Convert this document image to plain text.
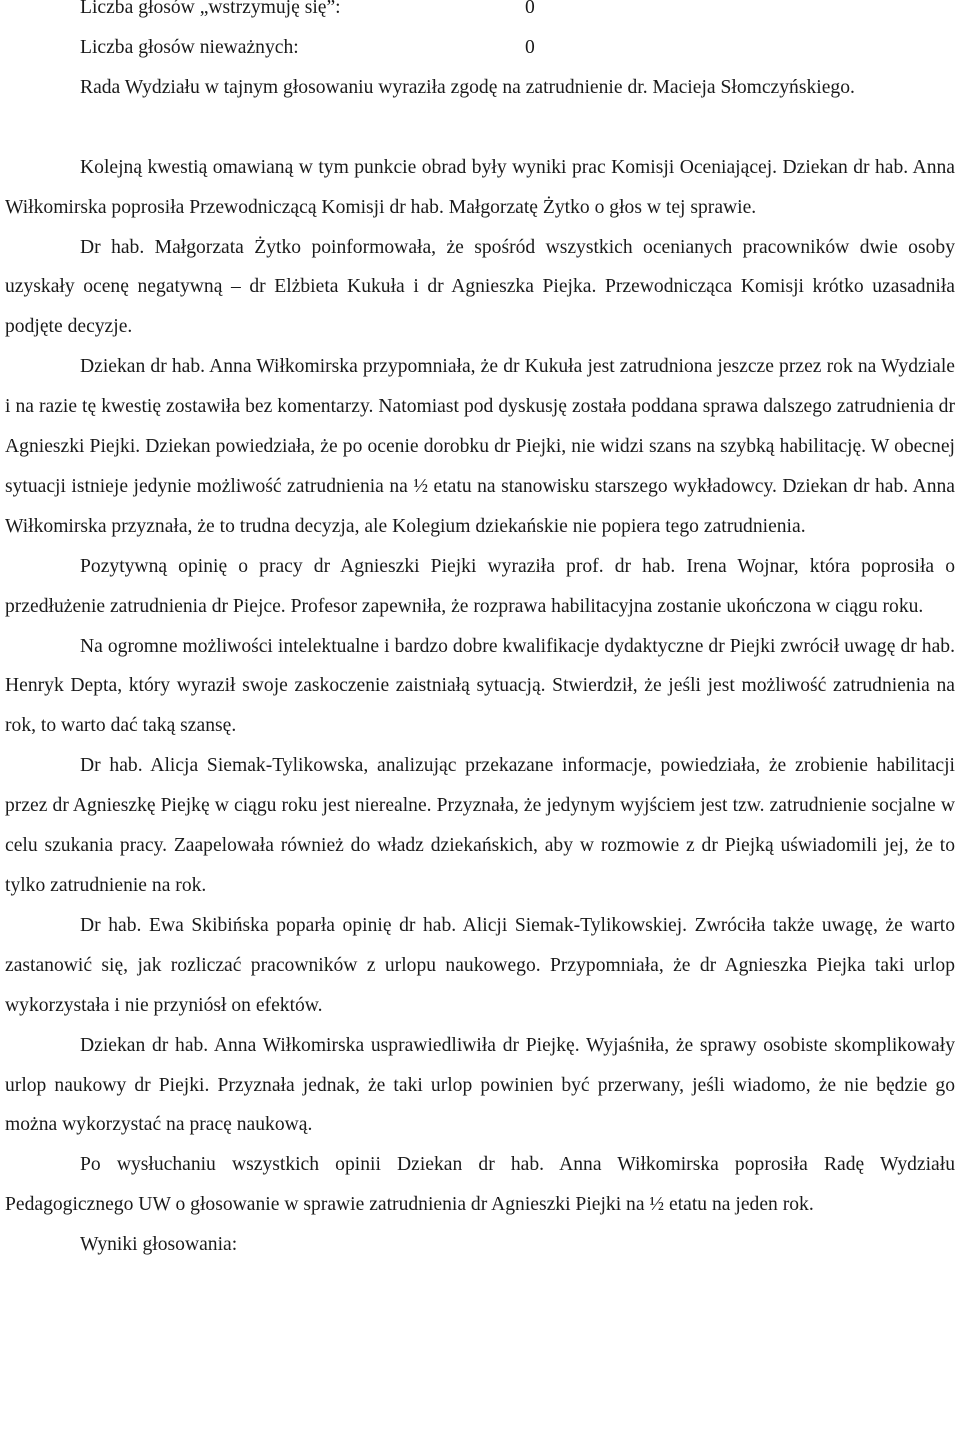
Liczba głosów „wstrzymuję się”:	0
Liczba głosów nieważnych:	0

Rada Wydziału w tajnym głosowaniu wyraziła zgodę na zatrudnienie dr. Macieja Słomczyńskiego.

Kolejną kwestią omawianą w tym punkcie obrad były wyniki prac Komisji Oceniającej. Dziekan dr hab. Anna Wiłkomirska poprosiła Przewodniczącą Komisji dr hab. Małgorzatę Żytko o głos w tej sprawie.

Dr hab. Małgorzata Żytko poinformowała, że spośród wszystkich ocenianych pracowników dwie osoby uzyskały ocenę negatywną – dr Elżbieta Kukuła i dr Agnieszka Piejka. Przewodnicząca Komisji krótko uzasadniła podjęte decyzje.

Dziekan dr hab. Anna Wiłkomirska przypomniała, że dr Kukuła jest zatrudniona jeszcze przez rok na Wydziale i na razie tę kwestię zostawiła bez komentarzy. Natomiast pod dyskusję została poddana sprawa dalszego zatrudnienia dr Agnieszki Piejki. Dziekan powiedziała, że po ocenie dorobku dr Piejki, nie widzi szans na szybką habilitację. W obecnej sytuacji istnieje jedynie możliwość zatrudnienia na ½ etatu na stanowisku starszego wykładowcy. Dziekan dr hab. Anna Wiłkomirska przyznała, że to trudna decyzja, ale Kolegium dziekańskie nie popiera tego zatrudnienia.

Pozytywną opinię o pracy dr Agnieszki Piejki wyraziła prof. dr hab. Irena Wojnar, która poprosiła o przedłużenie zatrudnienia dr Piejce. Profesor zapewniła, że rozprawa habilitacyjna zostanie ukończona w ciągu roku.

Na ogromne możliwości intelektualne i bardzo dobre kwalifikacje dydaktyczne dr Piejki zwrócił uwagę dr hab. Henryk Depta, który wyraził swoje zaskoczenie zaistniałą sytuacją. Stwierdził, że jeśli jest możliwość zatrudnienia na rok, to warto dać taką szansę.

Dr hab. Alicja Siemak-Tylikowska, analizując przekazane informacje, powiedziała, że zrobienie habilitacji przez dr Agnieszkę Piejkę w ciągu roku jest nierealne. Przyznała, że jedynym wyjściem jest tzw. zatrudnienie socjalne w celu szukania pracy. Zaapelowała również do władz dziekańskich, aby w rozmowie z dr Piejką uświadomili jej, że to tylko zatrudnienie na rok.

Dr hab. Ewa Skibińska poparła opinię dr hab. Alicji Siemak-Tylikowskiej. Zwróciła także uwagę, że warto zastanowić się, jak rozliczać pracowników z urlopu naukowego. Przypomniała, że dr Agnieszka Piejka taki urlop wykorzystała i nie przyniósł on efektów.

Dziekan dr hab. Anna Wiłkomirska usprawiedliwiła dr Piejkę. Wyjaśniła, że sprawy osobiste skomplikowały urlop naukowy dr Piejki. Przyznała jednak, że taki urlop powinien być przerwany, jeśli wiadomo, że nie będzie go można wykorzystać na pracę naukową.

Po wysłuchaniu wszystkich opinii Dziekan dr hab. Anna Wiłkomirska poprosiła Radę Wydziału Pedagogicznego UW o głosowanie w sprawie zatrudnienia dr Agnieszki Piejki na ½ etatu na jeden rok.

Wyniki głosowania:
